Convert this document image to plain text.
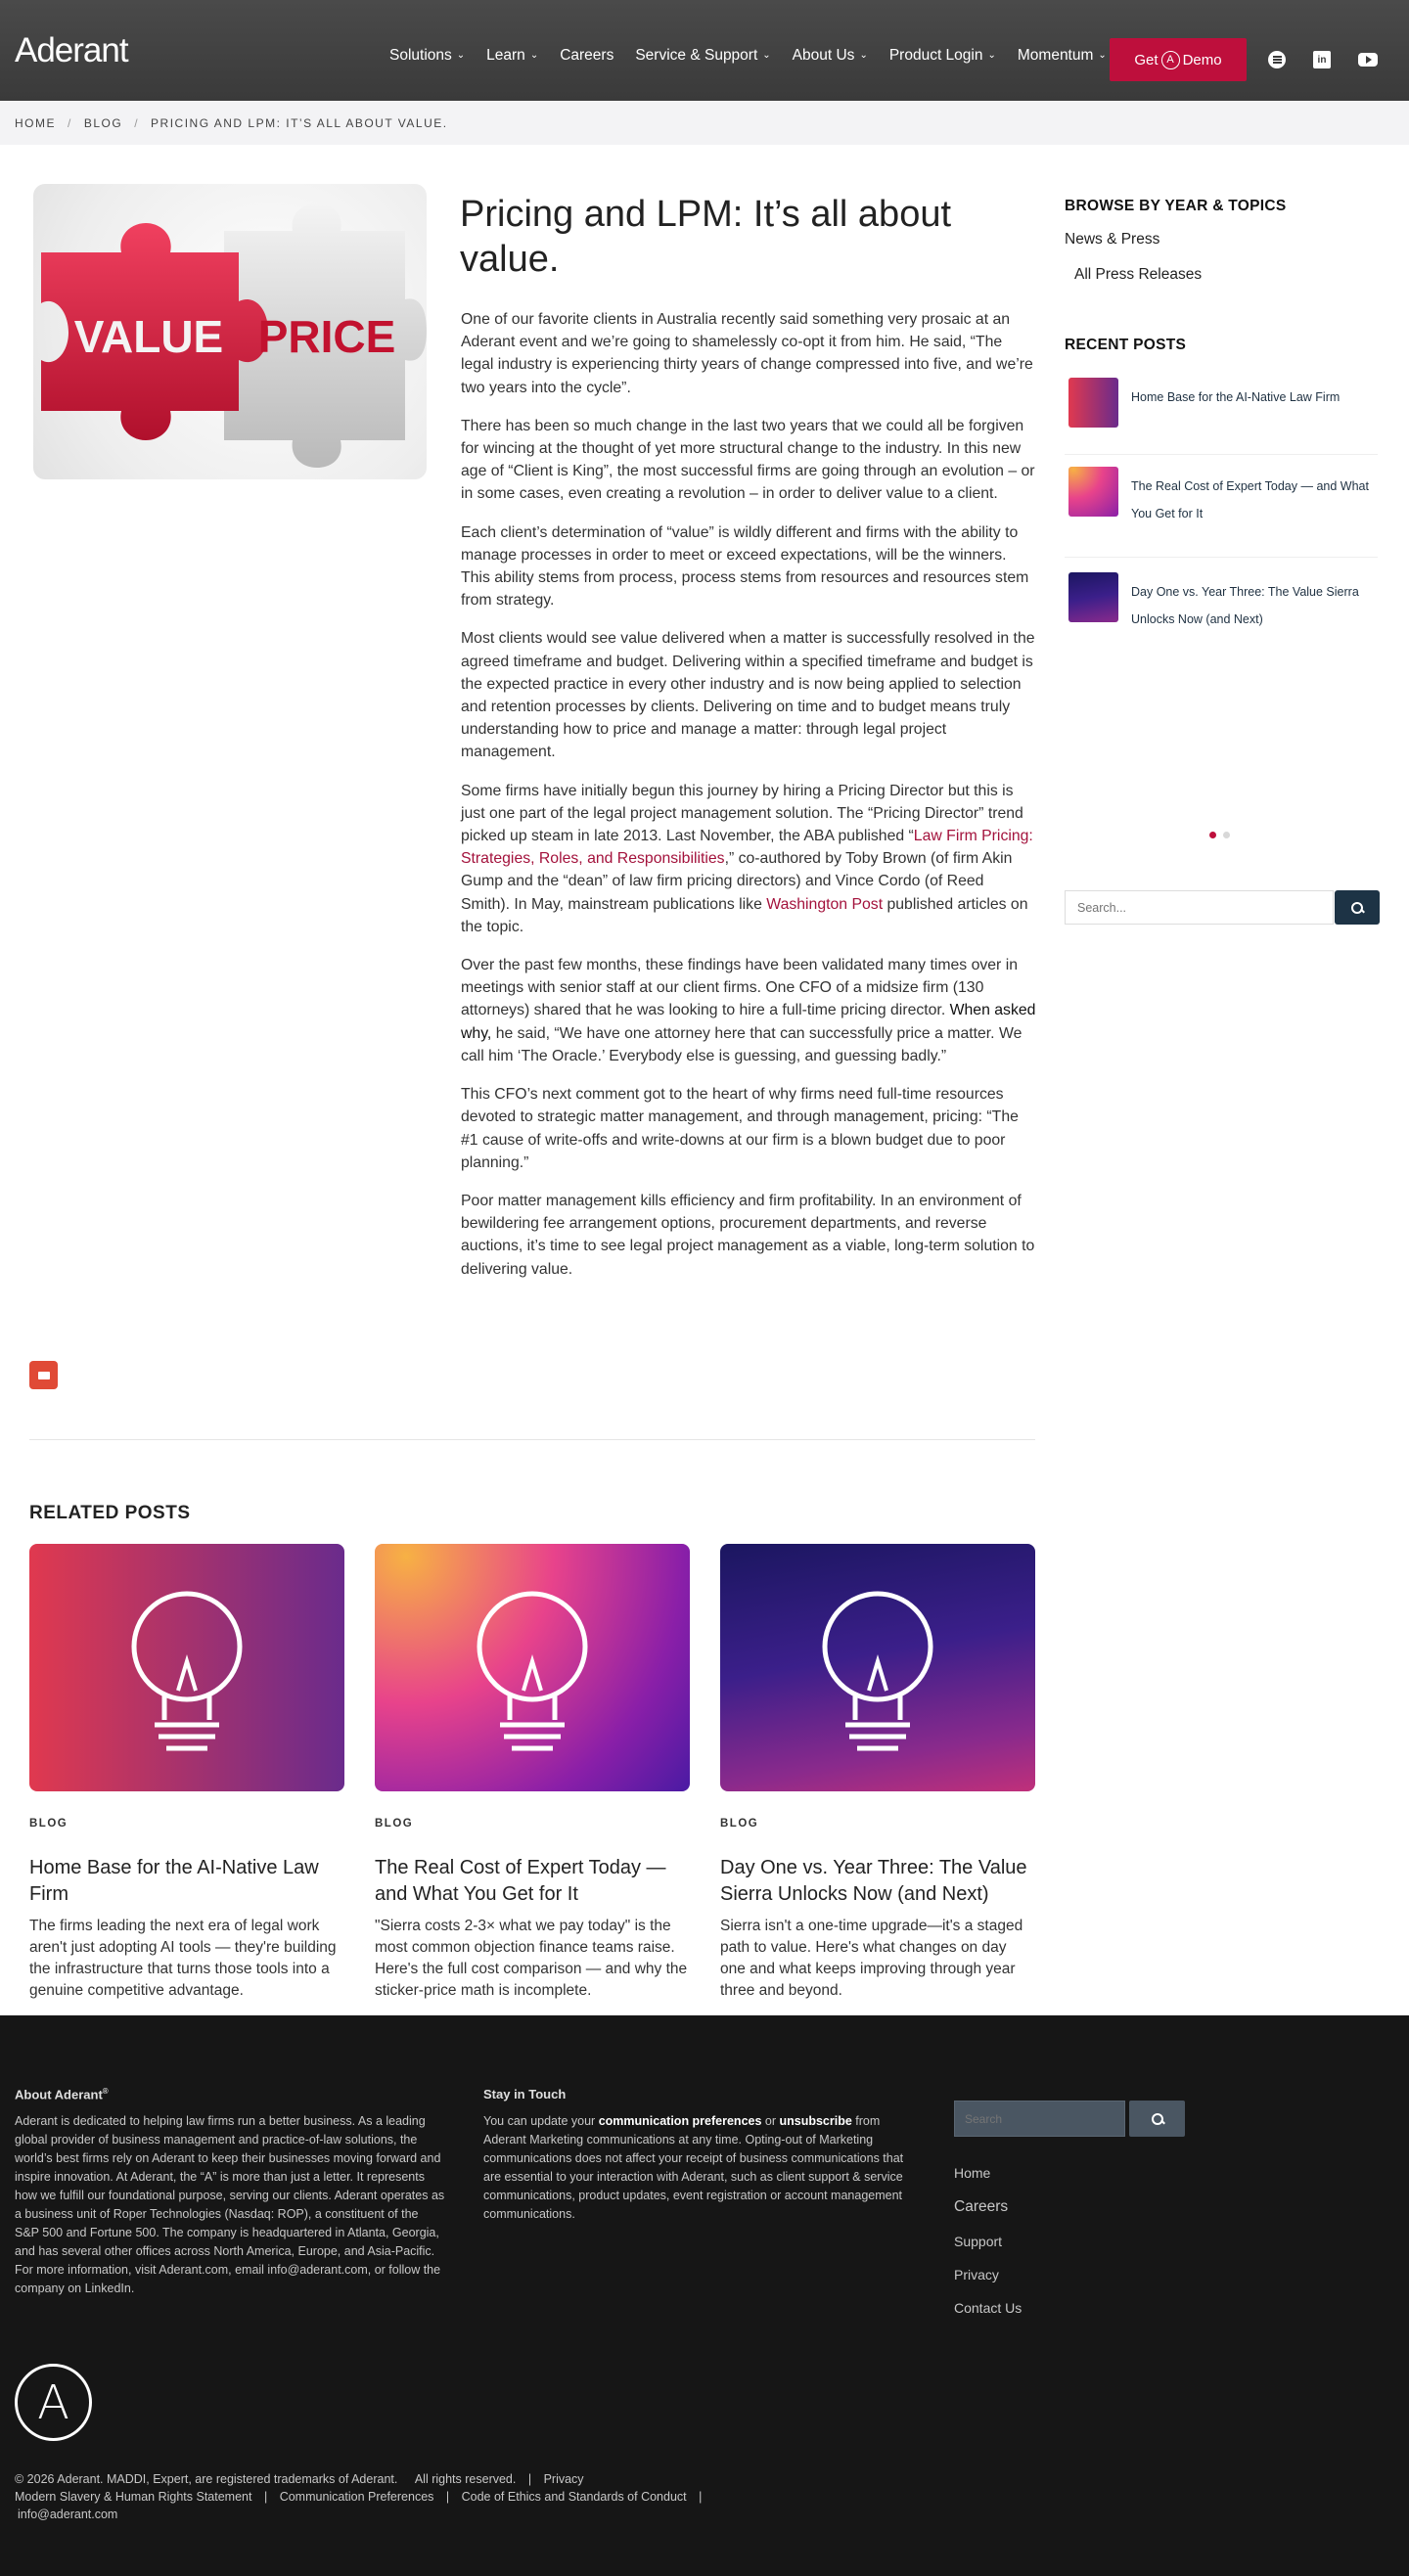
Aderant	Solutions ⌄ Learn ⌄ Careers Service & Support ⌄ About Us ⌄ Product Login ⌄ Momentum ⌄ Get A Demo	in
HOME / BLOG / PRICING AND LPM: IT’S ALL ABOUT VALUE.
VALUE PRICE
Pricing and LPM: It’s all about value.

One of our favorite clients in Australia recently said something very prosaic at an Aderant event and we’re going to shamelessly co-opt it from him. He said, “The legal industry is experiencing thirty years of change compressed into five, and we’re two years into the cycle”.

There has been so much change in the last two years that we could all be forgiven for wincing at the thought of yet more structural change to the industry. In this new age of “Client is King”, the most successful firms are going through an evolution – or in some cases, even creating a revolution – in order to deliver value to a client.

Each client’s determination of “value” is wildly different and firms with the ability to manage processes in order to meet or exceed expectations, will be the winners. This ability stems from process, process stems from resources and resources stem from strategy.

Most clients would see value delivered when a matter is successfully resolved in the agreed timeframe and budget. Delivering within a specified timeframe and budget is the expected practice in every other industry and is now being applied to selection and retention processes by clients. Delivering on time and to budget means truly understanding how to price and manage a matter: through legal project management.

Some firms have initially begun this journey by hiring a Pricing Director but this is just one part of the legal project management solution. The “Pricing Director” trend picked up steam in late 2013. Last November, the ABA published “Law Firm Pricing: Strategies, Roles, and Responsibilities,” co-authored by Toby Brown (of firm Akin Gump and the “dean” of law firm pricing directors) and Vince Cordo (of Reed Smith). In May, mainstream publications like Washington Post published articles on the topic.

Over the past few months, these findings have been validated many times over in meetings with senior staff at our client firms. One CFO of a midsize firm (130 attorneys) shared that he was looking to hire a full-time pricing director. When asked why, he said, “We have one attorney here that can successfully price a matter. We call him ‘The Oracle.’ Everybody else is guessing, and guessing badly.”

This CFO’s next comment got to the heart of why firms need full-time resources devoted to strategic matter management, and through management, pricing: “The #1 cause of write-offs and write-downs at our firm is a blown budget due to poor planning.”

Poor matter management kills efficiency and firm profitability. In an environment of bewildering fee arrangement options, procurement departments, and reverse auctions, it’s time to see legal project management as a viable, long-term solution to delivering value.

RELATED POSTS
BLOG
Home Base for the AI-Native Law Firm
The firms leading the next era of legal work aren't just adopting AI tools — they're building the infrastructure that turns those tools into a genuine competitive advantage.
BLOG
The Real Cost of Expert Today — and What You Get for It
"Sierra costs 2-3× what we pay today" is the most common objection finance teams raise. Here's the full cost comparison — and why the sticker-price math is incomplete.
BLOG
Day One vs. Year Three: The Value Sierra Unlocks Now (and Next)
Sierra isn't a one-time upgrade—it's a staged path to value. Here's what changes on day one and what keeps improving through year three and beyond.
BROWSE BY YEAR & TOPICS
News & Press
All Press Releases
RECENT POSTS
Home Base for the AI-Native Law Firm
The Real Cost of Expert Today — and What You Get for It
Day One vs. Year Three: The Value Sierra Unlocks Now (and Next)
Search...
About Aderant®
Aderant is dedicated to helping law firms run a better business. As a leading global provider of business management and practice-of-law solutions, the world’s best firms rely on Aderant to keep their businesses moving forward and inspire innovation. At Aderant, the “A” is more than just a letter. It represents how we fulfill our foundational purpose, serving our clients. Aderant operates as a business unit of Roper Technologies (Nasdaq: ROP), a constituent of the S&P 500 and Fortune 500. The company is headquartered in Atlanta, Georgia, and has several other offices across North America, Europe, and Asia-Pacific. For more information, visit Aderant.com, email info@aderant.com, or follow the company on LinkedIn.
Stay in Touch
You can update your communication preferences or unsubscribe from Aderant Marketing communications at any time. Opting-out of Marketing communications does not affect your receipt of business communications that are essential to your interaction with Aderant, such as client support & service communications, product updates, event registration or account management communications.
Search
Home
Careers
Support
Privacy
Contact Us
A
© 2026 Aderant. MADDI, Expert, are registered trademarks of Aderant. All rights reserved. | Privacy
Modern Slavery & Human Rights Statement | Communication Preferences | Code of Ethics and Standards of Conduct |
info@aderant.com
